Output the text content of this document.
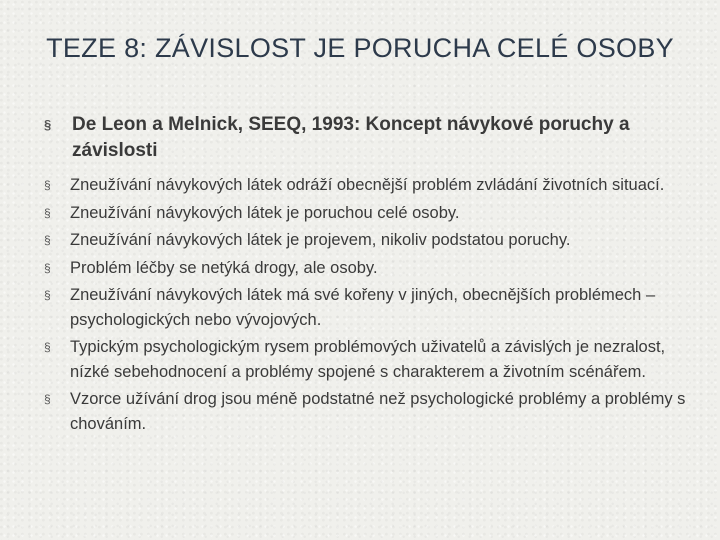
TEZE 8: ZÁVISLOST JE PORUCHA CELÉ OSOBY
§ De Leon a Melnick, SEEQ, 1993: Koncept návykové poruchy a závislosti
§ Zneužívání návykových látek odráží obecnější problém zvládání životních situací.
§ Zneužívání návykových látek je poruchou celé osoby.
§ Zneužívání návykových látek je projevem, nikoliv podstatou poruchy.
§ Problém léčby se netýká drogy, ale osoby.
§ Zneužívání návykových látek má své kořeny v jiných, obecnějších problémech – psychologických nebo vývojových.
§ Typickým psychologickým rysem problémových uživatelů a závislých je nezralost, nízké sebehodnocení a problémy spojené s charakterem a životním scénářem.
§ Vzorce užívání drog jsou méně podstatné než psychologické problémy a problémy s chováním.
